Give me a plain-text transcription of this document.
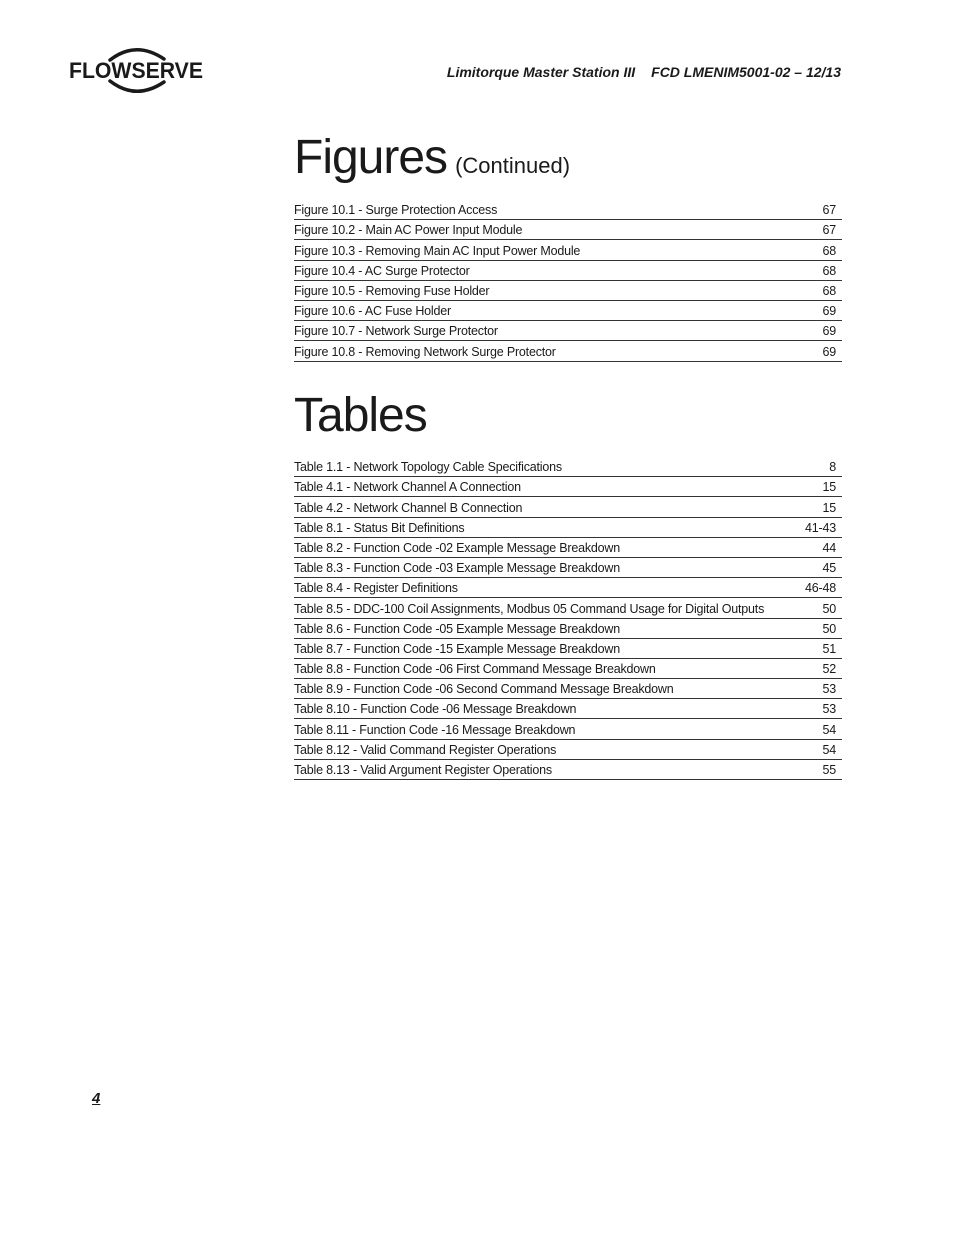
FLOWSERVE	Limitorque Master Station III FCD LMENIM5001-02 – 12/13
Figures (Continued)
Figure 10.1 - Surge Protection Access	67
Figure 10.2 - Main AC Power Input Module	67
Figure 10.3 - Removing Main AC Input Power Module	68
Figure 10.4 - AC Surge Protector	68
Figure 10.5 - Removing Fuse Holder	68
Figure 10.6 - AC Fuse Holder	69
Figure 10.7 - Network Surge Protector	69
Figure 10.8 - Removing Network Surge Protector	69
Tables
Table 1.1 - Network Topology Cable Specifications	8
Table 4.1 - Network Channel A Connection	15
Table 4.2 - Network Channel B Connection	15
Table 8.1 - Status Bit Definitions	41-43
Table 8.2 - Function Code -02 Example Message Breakdown	44
Table 8.3 - Function Code -03 Example Message Breakdown	45
Table 8.4 - Register Definitions	46-48
Table 8.5 - DDC-100 Coil Assignments, Modbus 05 Command Usage for Digital Outputs	50
Table 8.6 - Function Code -05 Example Message Breakdown	50
Table 8.7 - Function Code -15 Example Message Breakdown	51
Table 8.8 - Function Code -06 First Command Message Breakdown	52
Table 8.9 - Function Code -06 Second Command Message Breakdown	53
Table 8.10 - Function Code -06 Message Breakdown	53
Table 8.11 - Function Code -16 Message Breakdown	54
Table 8.12 - Valid Command Register Operations	54
Table 8.13 - Valid Argument Register Operations	55
4
